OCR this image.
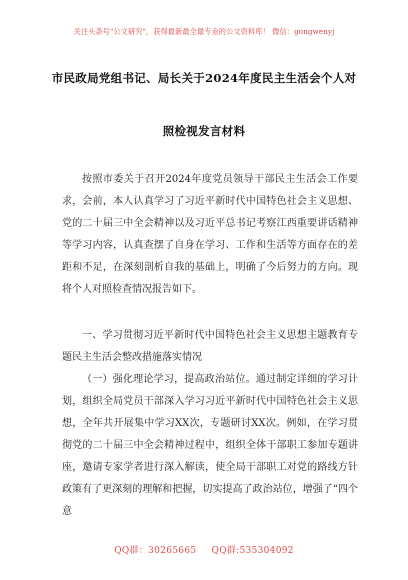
关注头条号"公文研究"，获得最新最全最专业的公文资料库！ 微信：gongwenyj
市民政局党组书记、局长关于2024年度民主生活会个人对
照检视发言材料
按照市委关于召开2024年度党员领导干部民主生活会工作要求，会前，本人认真学习了习近平新时代中国特色社会主义思想、党的二十届三中全会精神以及习近平总书记考察江西重要讲话精神等学习内容，认真查摆了自身在学习、工作和生活等方面存在的差距和不足，在深刻剖析自我的基础上，明确了今后努力的方向。现将个人对照检查情况报告如下。
一、学习贯彻习近平新时代中国特色社会主义思想主题教育专题民主生活会整改措施落实情况
（一）强化理论学习，提高政治站位。通过制定详细的学习计划，组织全局党员干部深入学习习近平新时代中国特色社会主义思想，全年共开展集中学习XX次，专题研讨XX次。例如，在学习贯彻党的二十届三中全会精神过程中，组织全体干部职工参加专题讲座，邀请专家学者进行深入解读，使全局干部职工对党的路线方针政策有了更深刻的理解和把握，切实提高了政治站位，增强了“四个意
QQ群：30265665 QQ群:535304092
